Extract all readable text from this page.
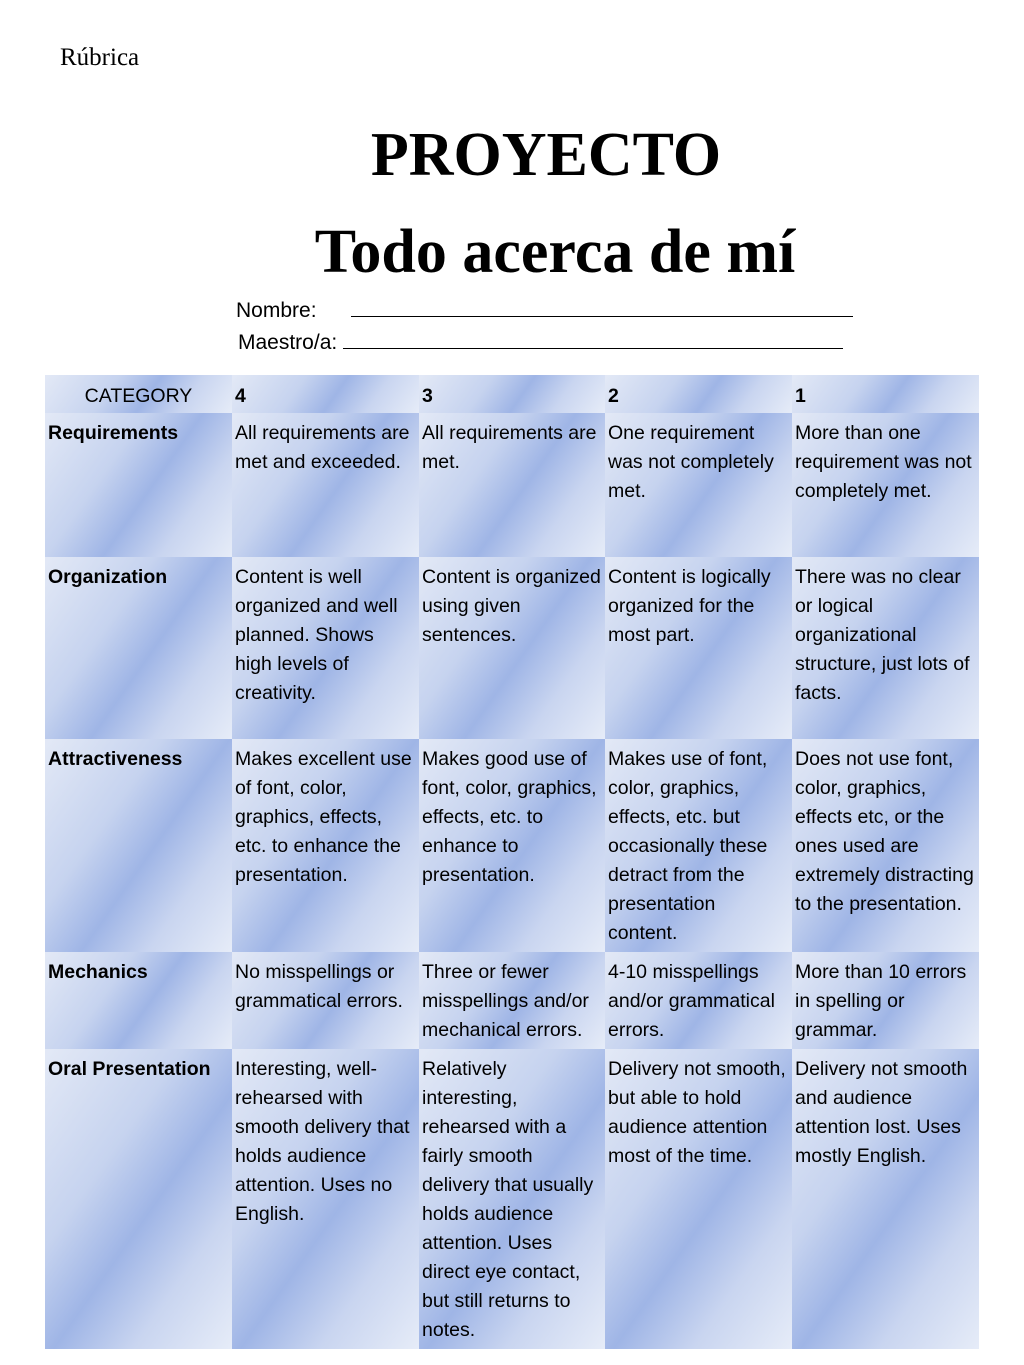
Rúbrica
PROYECTO
Todo acerca de mí
Nombre:
Maestro/a:
CATEGORY	4	3	2	1
Requirements	All requirements are met and exceeded.	All requirements are met.	One requirement was not completely met.	More than one requirement was not completely met.
Organization	Content is well organized and well planned. Shows high levels of creativity.	Content is organized using given sentences.	Content is logically organized for the most part.	There was no clear or logical organizational structure, just lots of facts.
Attractiveness	Makes excellent use of font, color, graphics, effects, etc. to enhance the presentation.	Makes good use of font, color, graphics, effects, etc. to enhance to presentation.	Makes use of font, color, graphics, effects, etc. but occasionally these detract from the presentation content.	Does not use font, color, graphics, effects etc, or the ones used are extremely distracting to the presentation.
Mechanics	No misspellings or grammatical errors.	Three or fewer misspellings and/or mechanical errors.	4-10 misspellings and/or grammatical errors.	More than 10 errors in spelling or grammar.
Oral Presentation	Interesting, well-rehearsed with smooth delivery that holds audience attention. Uses no English.	Relatively interesting, rehearsed with a fairly smooth delivery that usually holds audience attention. Uses direct eye contact, but still returns to notes.	Delivery not smooth, but able to hold audience attention most of the time.	Delivery not smooth and audience attention lost. Uses mostly English.
